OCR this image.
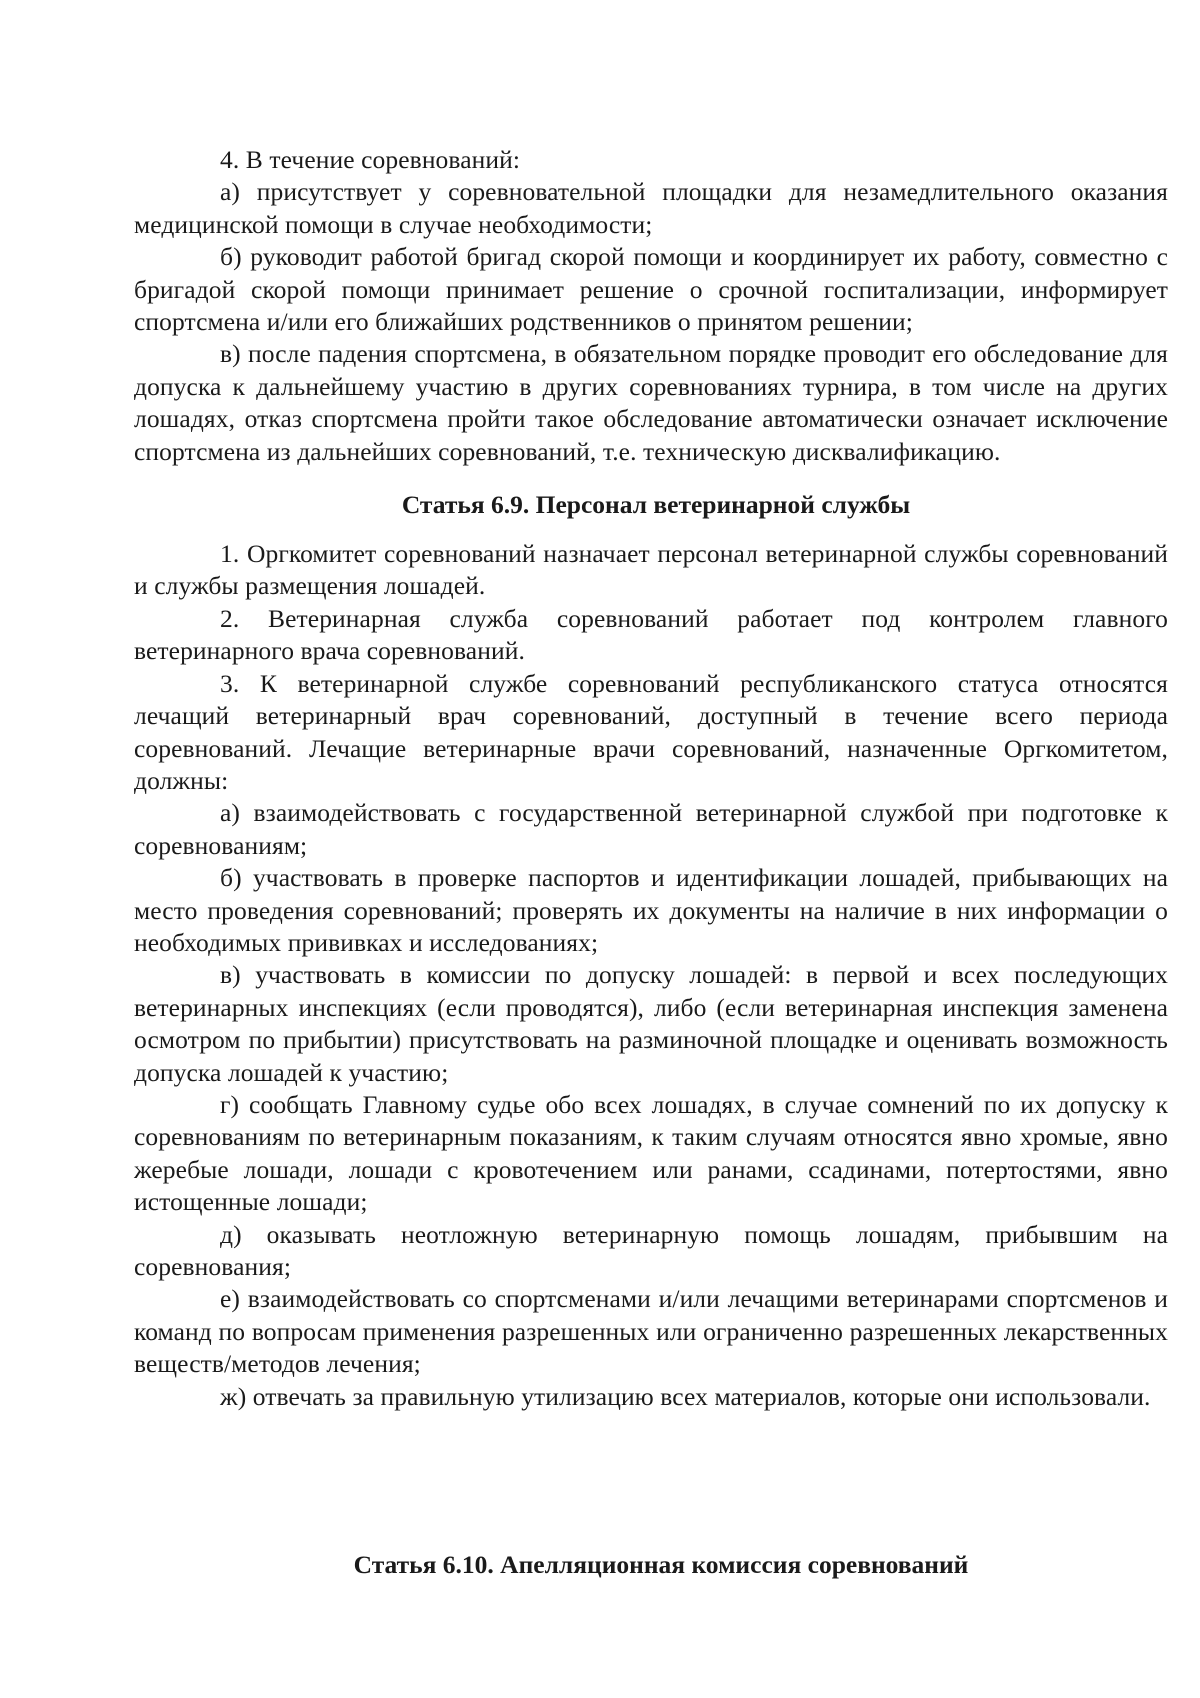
4. В течение соревнований:

а) присутствует у соревновательной площадки для незамедлительного оказания медицинской помощи в случае необходимости;

б) руководит работой бригад скорой помощи и координирует их работу, совместно с бригадой скорой помощи принимает решение о срочной госпитализации, информирует спортсмена и/или его ближайших родственников о принятом решении;

в) после падения спортсмена, в обязательном порядке проводит его обследование для допуска к дальнейшему участию в других соревнованиях турнира, в том числе на других лошадях, отказ спортсмена пройти такое обследование автоматически означает исключение спортсмена из дальнейших соревнований, т.е. техническую дисквалификацию.

Статья 6.9. Персонал ветеринарной службы

1. Оргкомитет соревнований назначает персонал ветеринарной службы соревнований и службы размещения лошадей.

2. Ветеринарная служба соревнований работает под контролем главного ветеринарного врача соревнований.

3. К ветеринарной службе соревнований республиканского статуса относятся лечащий ветеринарный врач соревнований, доступный в течение всего периода соревнований. Лечащие ветеринарные врачи соревнований, назначенные Оргкомитетом, должны:

а) взаимодействовать с государственной ветеринарной службой при подготовке к соревнованиям;

б) участвовать в проверке паспортов и идентификации лошадей, прибывающих на место проведения соревнований; проверять их документы на наличие в них информации о необходимых прививках и исследованиях;

в) участвовать в комиссии по допуску лошадей: в первой и всех последующих ветеринарных инспекциях (если проводятся), либо (если ветеринарная инспекция заменена осмотром по прибытии) присутствовать на разминочной площадке и оценивать возможность допуска лошадей к участию;

г) сообщать Главному судье обо всех лошадях, в случае сомнений по их допуску к соревнованиям по ветеринарным показаниям, к таким случаям относятся явно хромые, явно жеребые лошади, лошади с кровотечением или ранами, ссадинами, потертостями, явно истощенные лошади;

д) оказывать неотложную ветеринарную помощь лошадям, прибывшим на соревнования;

е) взаимодействовать со спортсменами и/или лечащими ветеринарами спортсменов и команд по вопросам применения разрешенных или ограниченно разрешенных лекарственных веществ/методов лечения;

ж) отвечать за правильную утилизацию всех материалов, которые они использовали.

Статья 6.10. Апелляционная комиссия соревнований
